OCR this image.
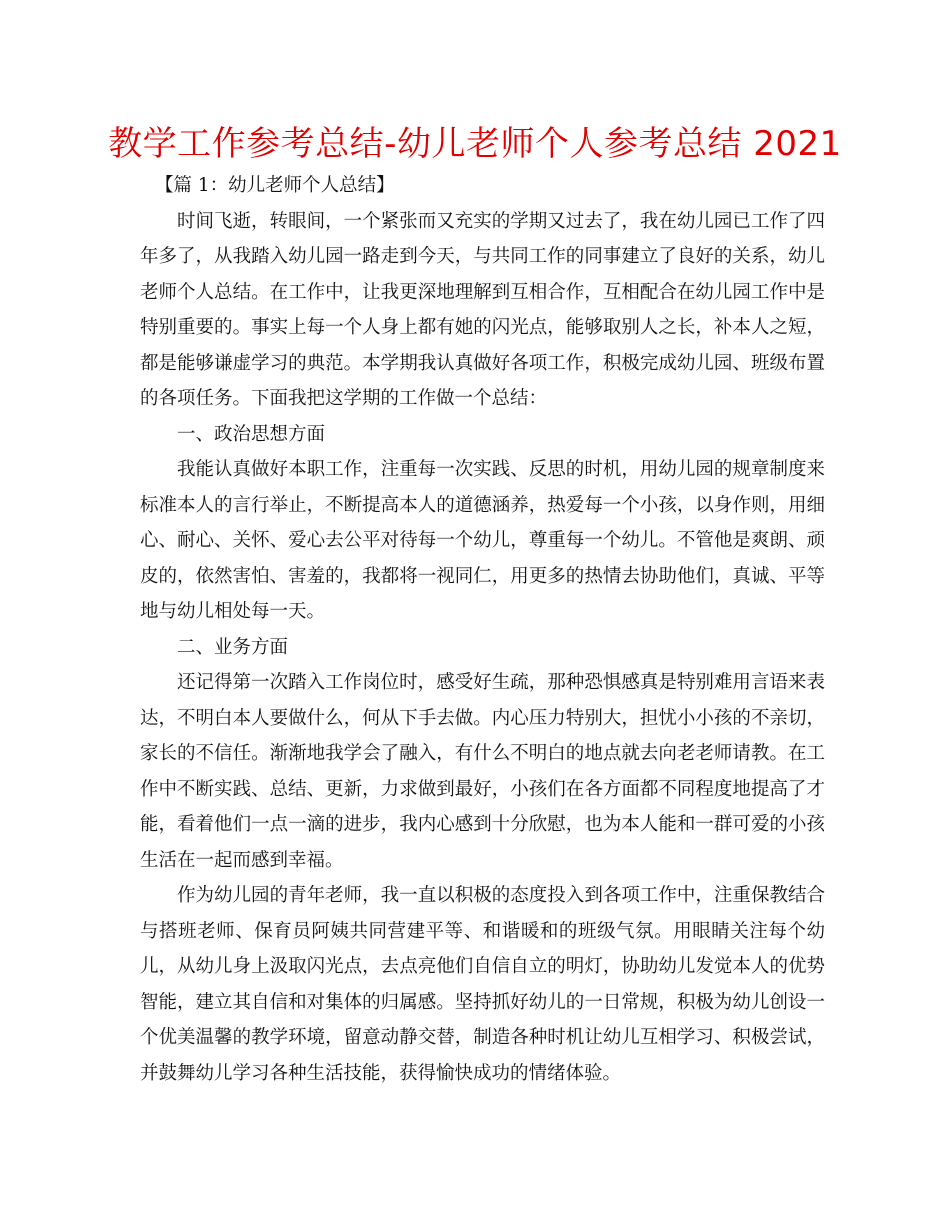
教学工作参考总结-幼儿老师个人参考总结 2021

【篇 1：幼儿老师个人总结】

时间飞逝，转眼间，一个紧张而又充实的学期又过去了，我在幼儿园已工作了四年多了，从我踏入幼儿园一路走到今天，与共同工作的同事建立了良好的关系，幼儿老师个人总结。在工作中，让我更深地理解到互相合作，互相配合在幼儿园工作中是特别重要的。事实上每一个人身上都有她的闪光点，能够取别人之长，补本人之短，都是能够谦虚学习的典范。本学期我认真做好各项工作，积极完成幼儿园、班级布置的各项任务。下面我把这学期的工作做一个总结：

一、政治思想方面

我能认真做好本职工作，注重每一次实践、反思的时机，用幼儿园的规章制度来标准本人的言行举止，不断提高本人的道德涵养，热爱每一个小孩，以身作则，用细心、耐心、关怀、爱心去公平对待每一个幼儿，尊重每一个幼儿。不管他是爽朗、顽皮的，依然害怕、害羞的，我都将一视同仁，用更多的热情去协助他们，真诚、平等地与幼儿相处每一天。

二、业务方面

还记得第一次踏入工作岗位时，感受好生疏，那种恐惧感真是特别难用言语来表达，不明白本人要做什么，何从下手去做。内心压力特别大，担忧小小孩的不亲切，家长的不信任。渐渐地我学会了融入，有什么不明白的地点就去向老老师请教。在工作中不断实践、总结、更新，力求做到最好，小孩们在各方面都不同程度地提高了才能，看着他们一点一滴的进步，我内心感到十分欣慰，也为本人能和一群可爱的小孩生活在一起而感到幸福。

作为幼儿园的青年老师，我一直以积极的态度投入到各项工作中，注重保教结合与搭班老师、保育员阿姨共同营建平等、和谐暖和的班级气氛。用眼睛关注每个幼儿，从幼儿身上汲取闪光点，去点亮他们自信自立的明灯，协助幼儿发觉本人的优势智能，建立其自信和对集体的归属感。坚持抓好幼儿的一日常规，积极为幼儿创设一个优美温馨的教学环境，留意动静交替，制造各种时机让幼儿互相学习、积极尝试，并鼓舞幼儿学习各种生活技能，获得愉快成功的情绪体验。
